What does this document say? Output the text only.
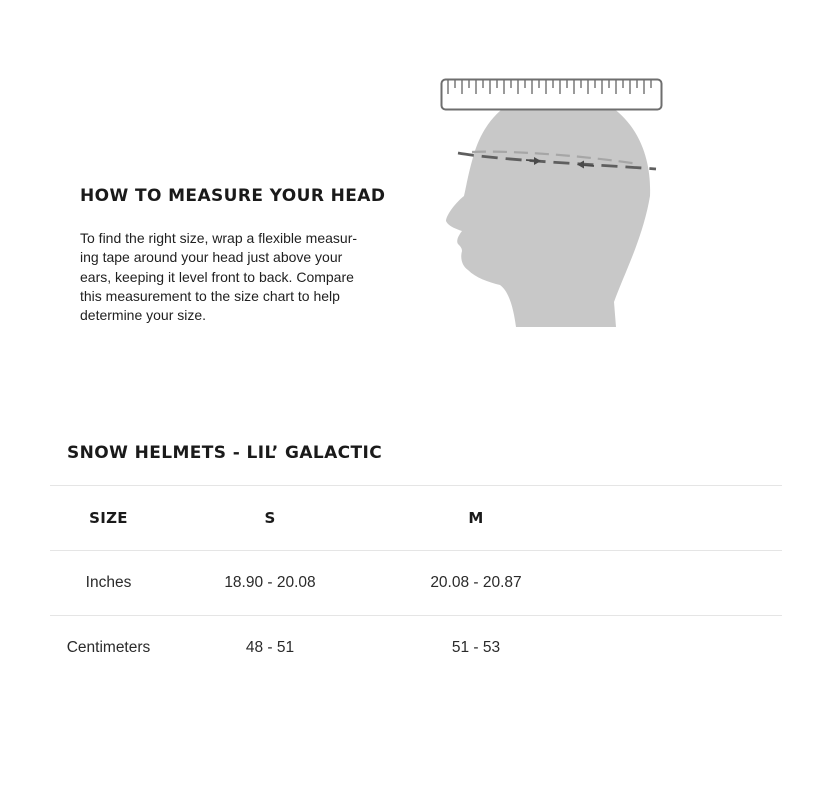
HOW TO MEASURE YOUR HEAD

To find the right size, wrap a flexible measur-
ing tape around your head just above your
ears, keeping it level front to back. Compare
this measurement to the size chart to help
determine your size.

SNOW HELMETS - LIL’ GALACTIC
SIZE	S	M
Inches	18.90 - 20.08	20.08 - 20.87
Centimeters	48 - 51	51 - 53
